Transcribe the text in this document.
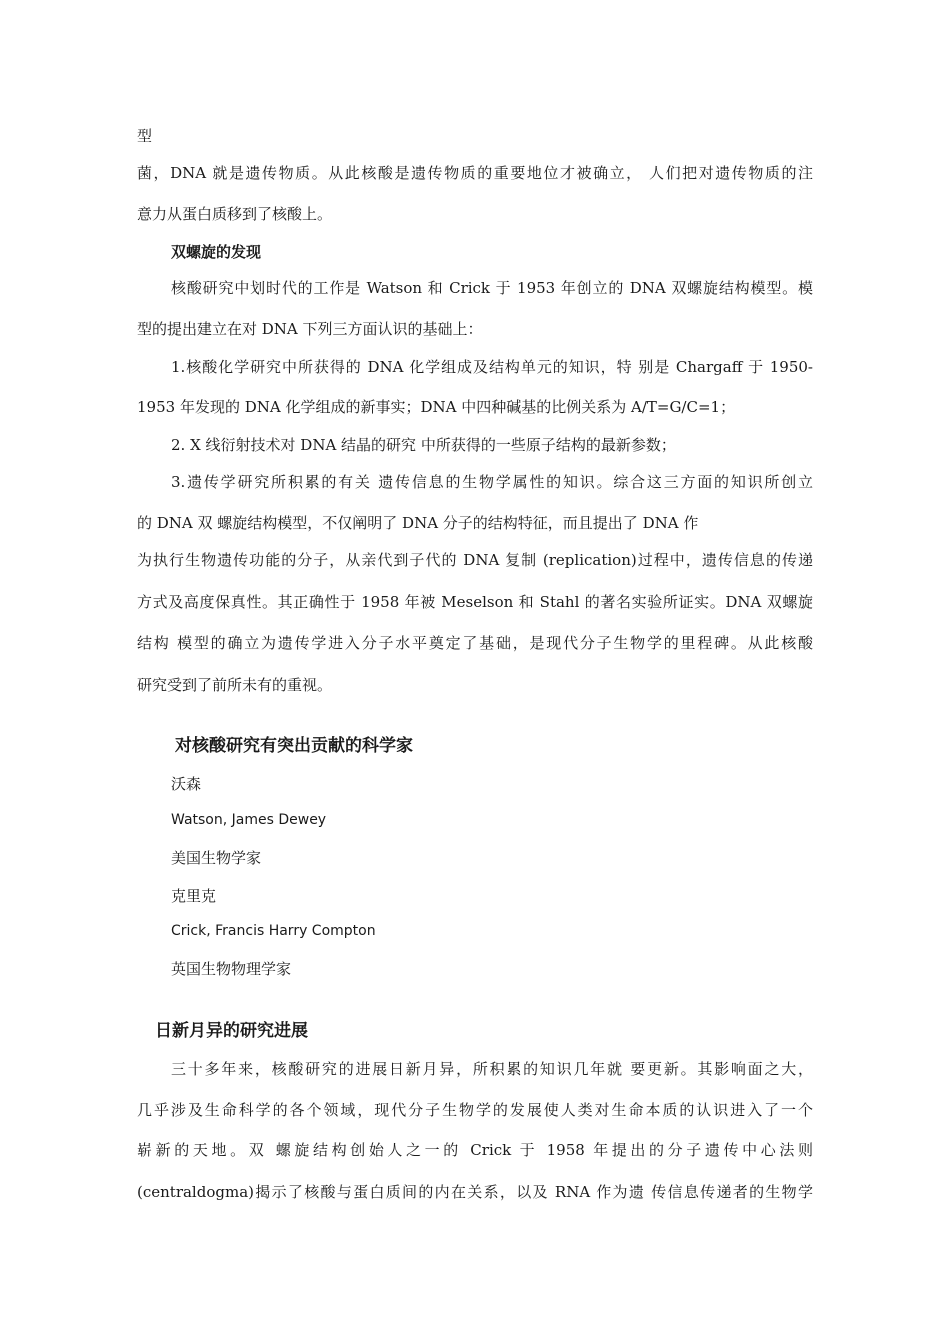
型
菌，DNA 就是遗传物质。从此核酸是遗传物质的重要地位才被确立， 人们把对遗传物质的注
意力从蛋白质移到了核酸上。
双螺旋的发现
核酸研究中划时代的工作是 Watson 和 Crick 于 1953 年创立的 DNA 双螺旋结构模型。模
型的提出建立在对 DNA 下列三方面认识的基础上：
1.核酸化学研究中所获得的 DNA 化学组成及结构单元的知识，特 别是 Chargaff 于 1950-
1953 年发现的 DNA 化学组成的新事实；DNA 中四种碱基的比例关系为 A/T=G/C=1；
2. X 线衍射技术对 DNA 结晶的研究 中所获得的一些原子结构的最新参数；
3.遗传学研究所积累的有关 遗传信息的生物学属性的知识。综合这三方面的知识所创立
的 DNA 双 螺旋结构模型，不仅阐明了 DNA 分子的结构特征，而且提出了 DNA 作
为执行生物遗传功能的分子，从亲代到子代的 DNA 复制 (replication)过程中，遗传信息的传递
方式及高度保真性。其正确性于 1958 年被 Meselson 和 Stahl 的著名实验所证实。DNA 双螺旋
结构 模型的确立为遗传学进入分子水平奠定了基础，是现代分子生物学的里程碑。从此核酸
研究受到了前所未有的重视。
对核酸研究有突出贡献的科学家
沃森
Watson, James Dewey
美国生物学家
克里克
Crick, Francis Harry Compton
英国生物物理学家
日新月异的研究进展
三十多年来，核酸研究的进展日新月异，所积累的知识几年就 要更新。其影响面之大，
几乎涉及生命科学的各个领域，现代分子生物学的发展使人类对生命本质的认识进入了一个
崭新的天地。双 螺旋结构创始人之一的 Crick 于 1958 年提出的分子遗传中心法则
(centraldogma)揭示了核酸与蛋白质间的内在关系，以及 RNA 作为遗 传信息传递者的生物学
